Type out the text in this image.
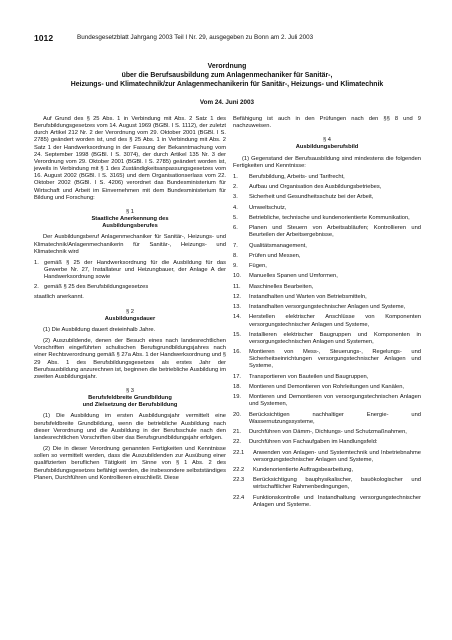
1012	Bundesgesetzblatt Jahrgang 2003 Teil I Nr. 29, ausgegeben zu Bonn am 2. Juli 2003
Verordnung
über die Berufsausbildung zum Anlagenmechaniker für Sanitär-,
Heizungs- und Klimatechnik/zur Anlagenmechanikerin für Sanitär-, Heizungs- und Klimatechnik
Vom 24. Juni 2003

Auf Grund des § 25 Abs. 1 in Verbindung mit Abs. 2 Satz 1 des Berufsbildungsgesetzes vom 14. August 1969 (BGBl. I S. 1112), der zuletzt durch Artikel 212 Nr. 2 der Verordnung vom 29. Oktober 2001 (BGBl. I S. 2785) geändert worden ist, und des § 25 Abs. 1 in Verbindung mit Abs. 2 Satz 1 der Handwerksordnung in der Fassung der Bekanntmachung vom 24. September 1998 (BGBl. I S. 3074), der durch Artikel 135 Nr. 3 der Verordnung vom 29. Oktober 2001 (BGBl. I S. 2785) geändert worden ist, jeweils in Verbindung mit § 1 des Zuständigkeitsanpassungsgesetzes vom 16. August 2002 (BGBl. I S. 3165) und dem Organisationserlass vom 22. Oktober 2002 (BGBl. I S. 4206) verordnet das Bundesministerium für Wirtschaft und Arbeit im Einvernehmen mit dem Bundesministerium für Bildung und Forschung:

§ 1
Staatliche Anerkennung des
Ausbildungsberufes

Der Ausbildungsberuf Anlagenmechaniker für Sanitär-, Heizungs- und Klimatechnik/Anlagenmechanikerin für Sanitär-, Heizungs- und Klimatechnik wird

1. gemäß § 25 der Handwerksordnung für die Ausbildung für das Gewerbe Nr. 27, Installateur und Heizungbauer, der Anlage A der Handwerksordnung sowie
2. gemäß § 25 des Berufsbildungsgesetzes

staatlich anerkannt.

§ 2
Ausbildungsdauer

(1) Die Ausbildung dauert dreieinhalb Jahre.

(2) Auszubildende, denen der Besuch eines nach landesrechtlichen Vorschriften eingeführten schulischen Berufsgrundbildungsjahres nach einer Rechtsverordnung gemäß § 27a Abs. 1 der Handwerksordnung und § 29 Abs. 1 des Berufsbildungsgesetzes als erstes Jahr der Berufsausbildung anzurechnen ist, beginnen die betriebliche Ausbildung im zweiten Ausbildungsjahr.

§ 3
Berufsfeldbreite Grundbildung
und Zielsetzung der Berufsbildung

(1) Die Ausbildung im ersten Ausbildungsjahr vermittelt eine berufsfeldbreite Grundbildung, wenn die betriebliche Ausbildung nach dieser Verordnung und die Ausbildung in der Berufsschule nach den landesrechtlichen Vorschriften über das Berufsgrundbildungsjahr erfolgen.

(2) Die in dieser Verordnung genannten Fertigkeiten und Kenntnisse sollen so vermittelt werden, dass die Auszubildenden zur Ausübung einer qualifizierten beruflichen Tätigkeit im Sinne von § 1 Abs. 2 des Berufsbildungsgesetzes befähigt werden, die insbesondere selbstständiges Planen, Durchführen und Kontrollieren einschließt. Diese

Befähigung ist auch in den Prüfungen nach den §§ 8 und 9 nachzuweisen.

§ 4
Ausbildungsberufsbild

(1) Gegenstand der Berufsausbildung sind mindestens die folgenden Fertigkeiten und Kenntnisse:

1.	Berufsbildung, Arbeits- und Tarifrecht,
2.	Aufbau und Organisation des Ausbildungsbetriebes,
3.	Sicherheit und Gesundheitsschutz bei der Arbeit,
4.	Umweltschutz,
5.	Betriebliche, technische und kundenorientierte Kommunikation,
6.	Planen und Steuern von Arbeitsabläufen; Kontrollieren und Beurteilen der Arbeitsergebnisse,
7.	Qualitätsmanagement,
8.	Prüfen und Messen,
9.	Fügen,
10.	Manuelles Spanen und Umformen,
11.	Maschinelles Bearbeiten,
12.	Instandhalten und Warten von Betriebsmitteln,
13.	Instandhalten versorgungstechnischer Anlagen und Systeme,
14.	Herstellen elektrischer Anschlüsse von Komponenten versorgungstechnischer Anlagen und Systeme,
15.	Installieren elektrischer Baugruppen und Komponenten in versorgungstechnischen Anlagen und Systemen,
16.	Montieren von Mess-, Steuerungs-, Regelungs- und Sicherheitseinrichtungen versorgungstechnischer Anlagen und Systeme,
17.	Transportieren von Bauteilen und Baugruppen,
18.	Montieren und Demontieren von Rohrleitungen und Kanälen,
19.	Montieren und Demontieren von versorgungstechnischen Anlagen und Systemen,
20.	Berücksichtigen nachhaltiger Energie- und Wassernutzungssysteme,
21.	Durchführen von Dämm-, Dichtungs- und Schutzmaßnahmen,
22.	Durchführen von Fachaufgaben im Handlungsfeld:
22.1	Anwenden von Anlagen- und Systemtechnik und Inbetriebnahme versorgungstechnischer Anlagen und Systeme,
22.2	Kundenorientierte Auftragsbearbeitung,
22.3	Berücksichtigung bauphysikalischer, bauökologischer und wirtschaftlicher Rahmenbedingungen,
22.4	Funktionskontrolle und Instandhaltung versorgungstechnischer Anlagen und Systeme.
